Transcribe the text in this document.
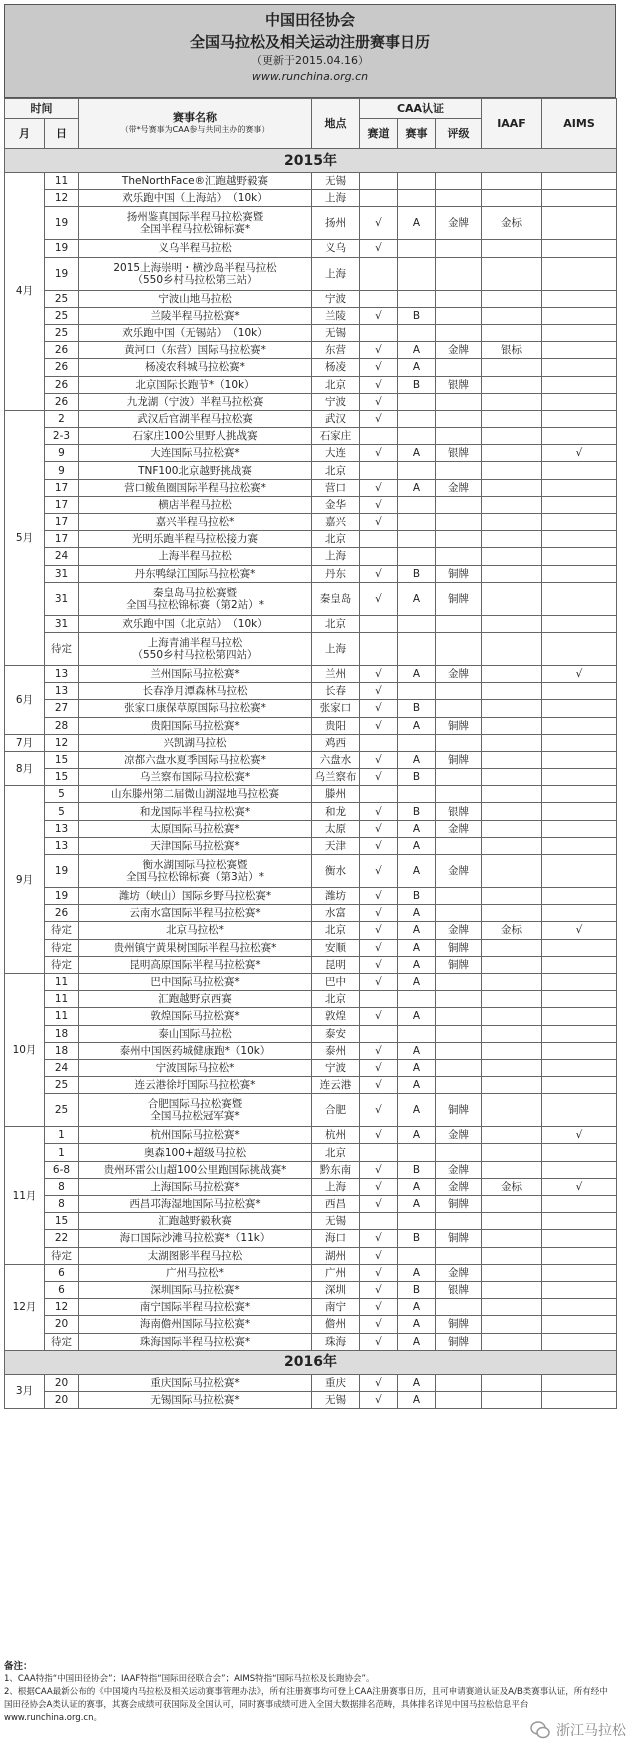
中国田径协会
全国马拉松及相关运动注册赛事日历
（更新于2015.04.16）
www.runchina.org.cn
时间		赛事名称
（带*号赛事为CAA参与共同主办的赛事）	地点	CAA认证			IAAF	AIMS
月	日			赛道	赛事	评级		
2015年								
4月	11	TheNorthFace®汇跑越野毅赛	无锡					
	12	欢乐跑中国（上海站）　（10k）	上海					
	19	扬州鉴真国际半程马拉松赛暨
全国半程马拉松锦标赛*	扬州	√	A	金牌	金标	
	19	义乌半程马拉松	义乌	√				
	19	2015上海崇明・横沙岛半程马拉松
（550乡村马拉松第三站）	上海					
	25	宁波山地马拉松	宁波					
	25	兰陵半程马拉松赛*	兰陵	√	B			
	25	欢乐跑中国（无锡站）　（10k）	无锡					
	26	黄河口（东营）国际马拉松赛*	东营	√	A	金牌	银标	
	26	杨凌农科城马拉松赛*	杨凌	√	A			
	26	北京国际长跑节*（10k）	北京	√	B	银牌		
	26	九龙湖（宁波）半程马拉松赛	宁波	√				
5月	2	武汉后官湖半程马拉松赛	武汉	√				
	2-3	石家庄100公里野人挑战赛	石家庄					
	9	大连国际马拉松赛*	大连	√	A	银牌		√
	9	TNF100北京越野挑战赛	北京					
	17	营口鲅鱼圈国际半程马拉松赛*	营口	√	A	金牌		
	17	横店半程马拉松	金华	√				
	17	嘉兴半程马拉松*	嘉兴	√				
	17	光明乐跑半程马拉松接力赛	北京					
	24	上海半程马拉松	上海					
	31	丹东鸭绿江国际马拉松赛*	丹东	√	B	铜牌		
	31	秦皇岛马拉松赛暨
全国马拉松锦标赛（第2站）*	秦皇岛	√	A	铜牌		
	31	欢乐跑中国（北京站）　（10k）	北京					
	待定	上海青浦半程马拉松
（550乡村马拉松第四站）	上海					
6月	13	兰州国际马拉松赛*	兰州	√	A	金牌		√
	13	长春净月潭森林马拉松	长春	√				
	27	张家口康保草原国际马拉松赛*	张家口	√	B			
	28	贵阳国际马拉松赛*	贵阳	√	A	铜牌		
7月	12	兴凯湖马拉松	鸡西					
8月	15	凉都六盘水夏季国际马拉松赛*	六盘水	√	A	铜牌		
	15	乌兰察布国际马拉松赛*	乌兰察布	√	B			
9月	5	山东滕州第二届微山湖湿地马拉松赛	滕州					
	5	和龙国际半程马拉松赛*	和龙	√	B	银牌		
	13	太原国际马拉松赛*	太原	√	A	金牌		
	13	天津国际马拉松赛*	天津	√	A			
	19	衡水湖国际马拉松赛暨
全国马拉松锦标赛（第3站）*	衡水	√	A	金牌		
	19	潍坊（峡山）国际乡野马拉松赛*	潍坊	√	B			
	26	云南水富国际半程马拉松赛*	水富	√	A			
	待定	北京马拉松*	北京	√	A	金牌	金标	√
	待定	贵州镇宁黄果树国际半程马拉松赛*	安顺	√	A	铜牌		
	待定	昆明高原国际半程马拉松赛*	昆明	√	A	铜牌		
10月	11	巴中国际马拉松赛*	巴中	√	A			
	11	汇跑越野京西赛	北京					
	11	敦煌国际马拉松赛*	敦煌	√	A			
	18	泰山国际马拉松	泰安					
	18	泰州中国医药城健康跑*（10k）	泰州	√	A			
	24	宁波国际马拉松*	宁波	√	A			
	25	连云港徐圩国际马拉松赛*	连云港	√	A			
	25	合肥国际马拉松赛暨
全国马拉松冠军赛*	合肥	√	A	铜牌		
11月	1	杭州国际马拉松赛*	杭州	√	A	金牌		√
	1	奥森100+超级马拉松	北京					
	6-8	贵州环雷公山超100公里跑国际挑战赛*	黔东南	√	B	金牌		
	8	上海国际马拉松赛*	上海	√	A	金牌	金标	√
	8	西昌邛海湿地国际马拉松赛*	西昌	√	A	铜牌		
	15	汇跑越野毅秋赛	无锡					
	22	海口国际沙滩马拉松赛*（11k）	海口	√	B	铜牌		
	待定	太湖图影半程马拉松	湖州	√				
12月	6	广州马拉松*	广州	√	A	金牌		
	6	深圳国际马拉松赛*	深圳	√	B	银牌		
	12	南宁国际半程马拉松赛*	南宁	√	A			
	20	海南儋州国际马拉松赛*	儋州	√	A	铜牌		
	待定	珠海国际半程马拉松赛*	珠海	√	A	铜牌		
2016年								
3月	20	重庆国际马拉松赛*	重庆	√	A			
	20	无锡国际马拉松赛*	无锡	√	A			
备注：
1、CAA特指“中国田径协会”；IAAF特指“国际田径联合会”；AIMS特指“国际马拉松及长跑协会”。
2、根据CAA最新公布的《中国境内马拉松及相关运动赛事管理办法》，所有注册赛事均可登上CAA注册赛事日历，且可申请赛道认证及A/B类赛事认证，所有经中国田径协会A类认证的赛事，其赛会成绩可获国际及全国认可，同时赛事成绩可进入全国大数据排名范畴，具体排名详见中国马拉松信息平台www.runchina.org.cn。
浙江马拉松
